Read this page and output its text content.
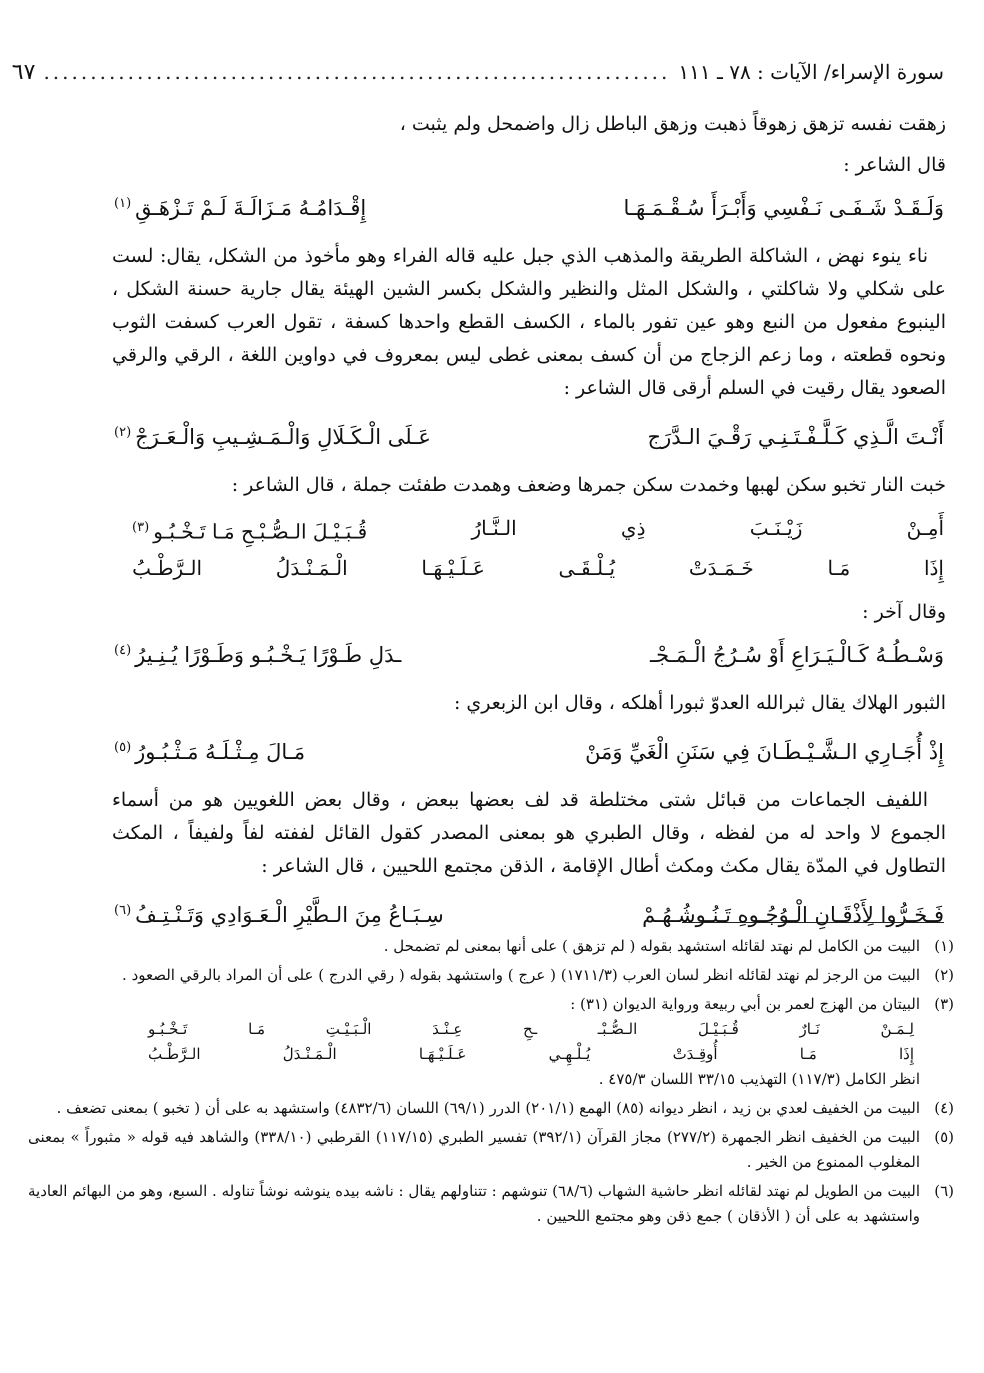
سورة الإسراء/ الآيات : ٧٨ ـ ١١١
...................................................................
٦٧

زهقت نفسه تزهق زهوقاً ذهبت وزهق الباطل زال واضمحل ولم يثبت ،

قال الشاعر :

وَلَـقَـدْ شَـفَـى نَـفْسِي وَأَبْـرَأَ سُـقْـمَـهَـا
إِقْـدَامُـهُ مَـزَالَـةَ لَـمْ تَـزْهَـقِ$^{(١)}$

ناء ينوء نهض ، الشاكلة الطريقة والمذهب الذي جبل عليه قاله الفراء وهو مأخوذ من الشكل، يقال: لست على شكلي ولا شاكلتي ، والشكل المثل والنظير والشكل بكسر الشين الهيئة يقال جارية حسنة الشكل ، الينبوع مفعول من النبع وهو عين تفور بالماء ، الكسف القطع واحدها كسفة ، تقول العرب كسفت الثوب ونحوه قطعته ، وما زعم الزجاج من أن كسف بمعنى غطى ليس بمعروف في دواوين اللغة ، الرقي والرقي الصعود يقال رقيت في السلم أرقى قال الشاعر :

أَنْـتَ الَّـذِي كَـلَّـفْـتَـنِـي رَقْـيَ الـدَّرَج
عَـلَى الْـكَـلَالِ وَالْـمَـشِـيبِ وَالْـعَـرَجْ$^{(٢)}$

خبت النار تخبو سكن لهبها وخمدت سكن جمرها وضعف وهمدت طفئت جملة ، قال الشاعر :

أَمِـنْ
زَيْـنَـبَ
ذِي
الـنَّـارُ
قُـبَـيْـلَ الـصُّـبْـحِ مَـا تَـخْـبُـو$^{(٣)}$
إِذَا
مَـا
خَـمَـدَتْ
يُـلْـقَـى
عَـلَـيْـهَـا
الْـمَـنْـدَلُ
الـرَّطْـبُ

وقال آخر :

وَسْـطُـهُ كَـالْـيَـرَاعِ أَوْ سُـرُجُ الْـمَـجْـ
ـدَلِ طَـوْرًا يَـخْـبُـو وَطَـوْرًا يُـنِـيرُ$^{(٤)}$

الثبور الهلاك يقال ثبرالله العدوّ ثبورا أهلكه ، وقال ابن الزبعري :

إِذْ أُجَـارِي الـشَّـيْـطَـانَ فِي سَنَنِ الْغَيِّ وَمَنْ
مَـالَ مِـثْـلَـهُ مَـثْـبُـورُ$^{(٥)}$

اللفيف الجماعات من قبائل شتى مختلطة قد لف بعضها ببعض ، وقال بعض اللغويين هو من أسماء الجموع لا واحد له من لفظه ، وقال الطبري هو بمعنى المصدر كقول القائل لففته لفاً ولفيفاً ، المكث التطاول في المدّة يقال مكث ومكث أطال الإقامة ، الذقن مجتمع اللحيين ، قال الشاعر :

فَـخَـرُّوا لِأَذْقَـانِ الْـوُجُـوهِ تَـنُـوشُـهُـمْ
سِـبَـاعُ مِنَ الـطَّيْرِ الْـعَـوَادِي وَتَـنْـتِـفُ$^{(٦)}$
(١)
البيت من الكامل لم نهتد لقائله استشهد بقوله ( لم تزهق ) على أنها بمعنى لم تضمحل .
(٢)
البيت من الرجز لم نهتد لقائله انظر لسان العرب (١٧١١/٣) ( عرج ) واستشهد بقوله ( رقي الدرج ) على أن المراد بالرقي الصعود .
(٣)
البيتان من الهزج لعمر بن أبي ربيعة ورواية الديوان (٣١) :
لِـمَـنْ
نَـارٌ
قُـبَـيْـلَ
الـصُّـبْـ
ـحِ
عِـنْـدَ
الْـبَـيْـتِ
مَـا
تَـخْـبُـو
إِذَا
مَـا
أُوقِـدَتْ
يُـلْـهِـي
عَـلَـيْـهَـا
الْـمَـنْـدَلُ
الـرَّطْـبُ
انظر الكامل (١١٧/٣) التهذيب ٣٣/١٥ اللسان ٤٧٥/٣ .
(٤)
البيت من الخفيف لعدي بن زيد ، انظر ديوانه (٨٥) الهمع (٢٠١/١) الدرر (٦٩/١) اللسان (٤٨٣٢/٦) واستشهد به على أن ( تخبو ) بمعنى تضعف .
(٥)
البيت من الخفيف انظر الجمهرة (٢٧٧/٢) مجاز القرآن (٣٩٢/١) تفسير الطبري (١١٧/١٥) القرطبي (٣٣٨/١٠) والشاهد فيه قوله « مثبوراً » بمعنى المغلوب الممنوع من الخير .
(٦)
البيت من الطويل لم نهتد لقائله انظر حاشية الشهاب (٦٨/٦) تنوشهم : تتناولهم يقال : ناشه بيده ينوشه نوشاً تناوله . السبع، وهو من البهائم العادية واستشهد به على أن ( الأذقان ) جمع ذقن وهو مجتمع اللحيين .
